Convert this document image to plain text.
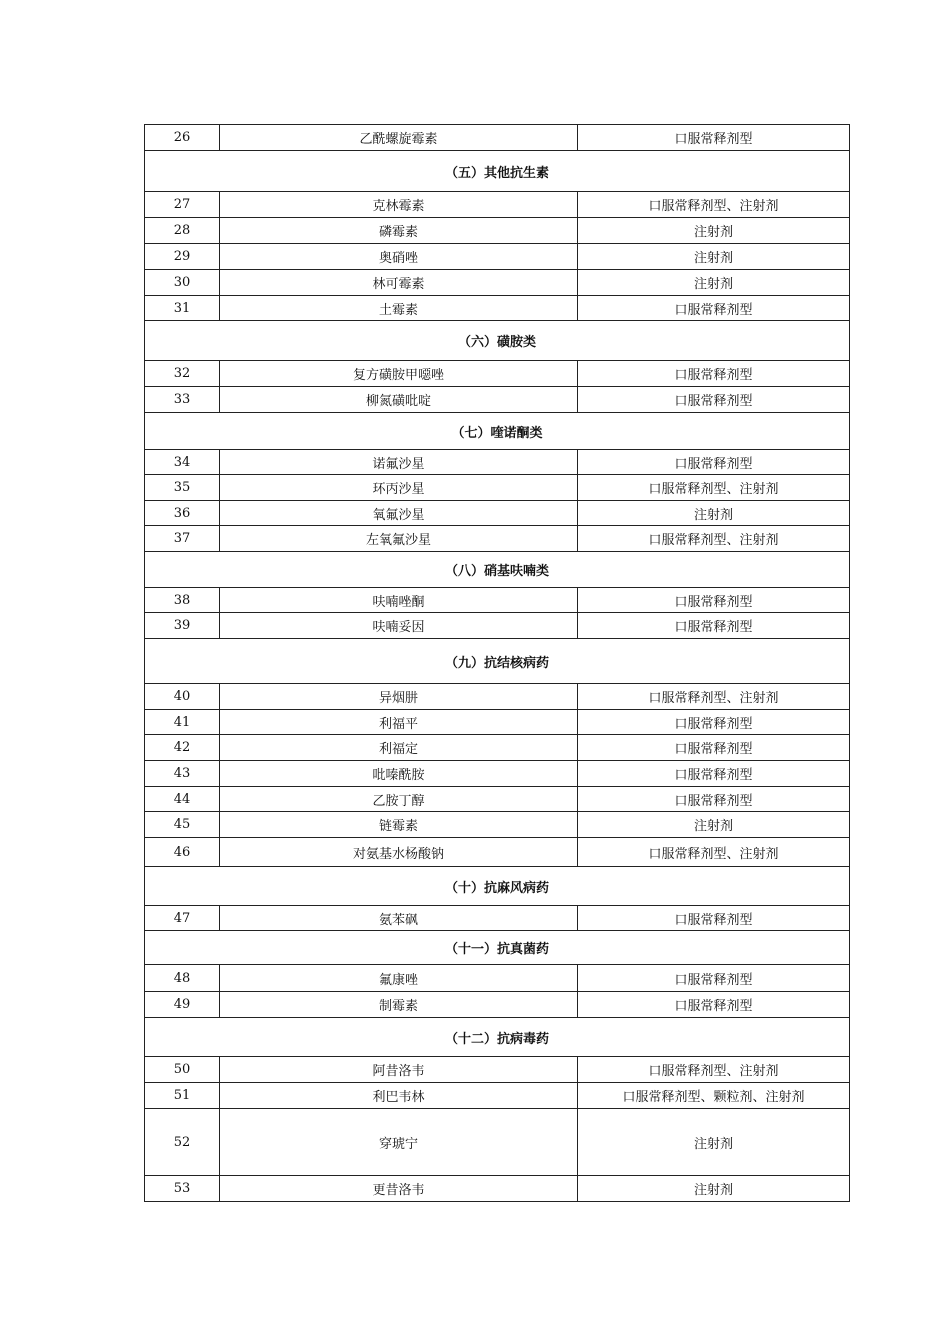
26	乙酰螺旋霉素	口服常释剂型
（五）其他抗生素		
27	克林霉素	口服常释剂型、注射剂
28	磷霉素	注射剂
29	奥硝唑	注射剂
30	林可霉素	注射剂
31	土霉素	口服常释剂型
（六）磺胺类		
32	复方磺胺甲噁唑	口服常释剂型
33	柳氮磺吡啶	口服常释剂型
（七）喹诺酮类		
34	诺氟沙星	口服常释剂型
35	环丙沙星	口服常释剂型、注射剂
36	氧氟沙星	注射剂
37	左氧氟沙星	口服常释剂型、注射剂
（八）硝基呋喃类		
38	呋喃唑酮	口服常释剂型
39	呋喃妥因	口服常释剂型
（九）抗结核病药		
40	异烟肼	口服常释剂型、注射剂
41	利福平	口服常释剂型
42	利福定	口服常释剂型
43	吡嗪酰胺	口服常释剂型
44	乙胺丁醇	口服常释剂型
45	链霉素	注射剂
46	对氨基水杨酸钠	口服常释剂型、注射剂
（十）抗麻风病药		
47	氨苯砜	口服常释剂型
（十一）抗真菌药		
48	氟康唑	口服常释剂型
49	制霉素	口服常释剂型
（十二）抗病毒药		
50	阿昔洛韦	口服常释剂型、注射剂
51	利巴韦林	口服常释剂型、颗粒剂、注射剂
52	穿琥宁	注射剂
53	更昔洛韦	注射剂
